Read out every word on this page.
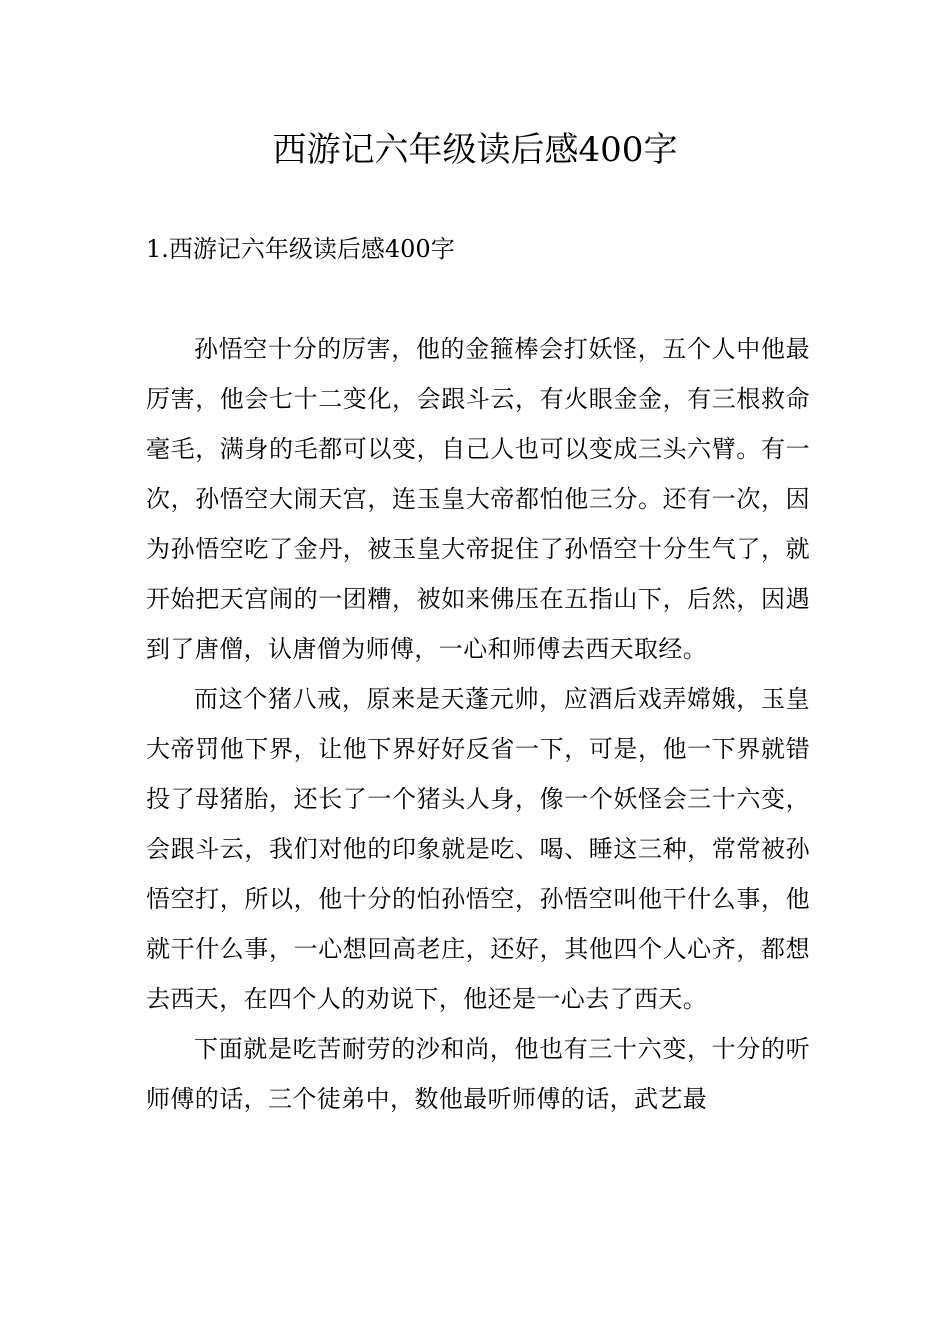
西游记六年级读后感400字
1.西游记六年级读后感400字

孙悟空十分的厉害，他的金箍棒会打妖怪，五个人中他最厉害，他会七十二变化，会跟斗云，有火眼金金，有三根救命毫毛，满身的毛都可以变，自己人也可以变成三头六臂。有一次，孙悟空大闹天宫，连玉皇大帝都怕他三分。还有一次，因为孙悟空吃了金丹，被玉皇大帝捉住了孙悟空十分生气了，就开始把天宫闹的一团糟，被如来佛压在五指山下，后然，因遇到了唐僧，认唐僧为师傅，一心和师傅去西天取经。

而这个猪八戒，原来是天蓬元帅，应酒后戏弄嫦娥，玉皇大帝罚他下界，让他下界好好反省一下，可是，他一下界就错投了母猪胎，还长了一个猪头人身，像一个妖怪会三十六变，会跟斗云，我们对他的印象就是吃、喝、睡这三种，常常被孙悟空打，所以，他十分的怕孙悟空，孙悟空叫他干什么事，他就干什么事，一心想回高老庄，还好，其他四个人心齐，都想去西天，在四个人的劝说下，他还是一心去了西天。

下面就是吃苦耐劳的沙和尚，他也有三十六变，十分的听师傅的话，三个徒弟中，数他最听师傅的话，武艺最
